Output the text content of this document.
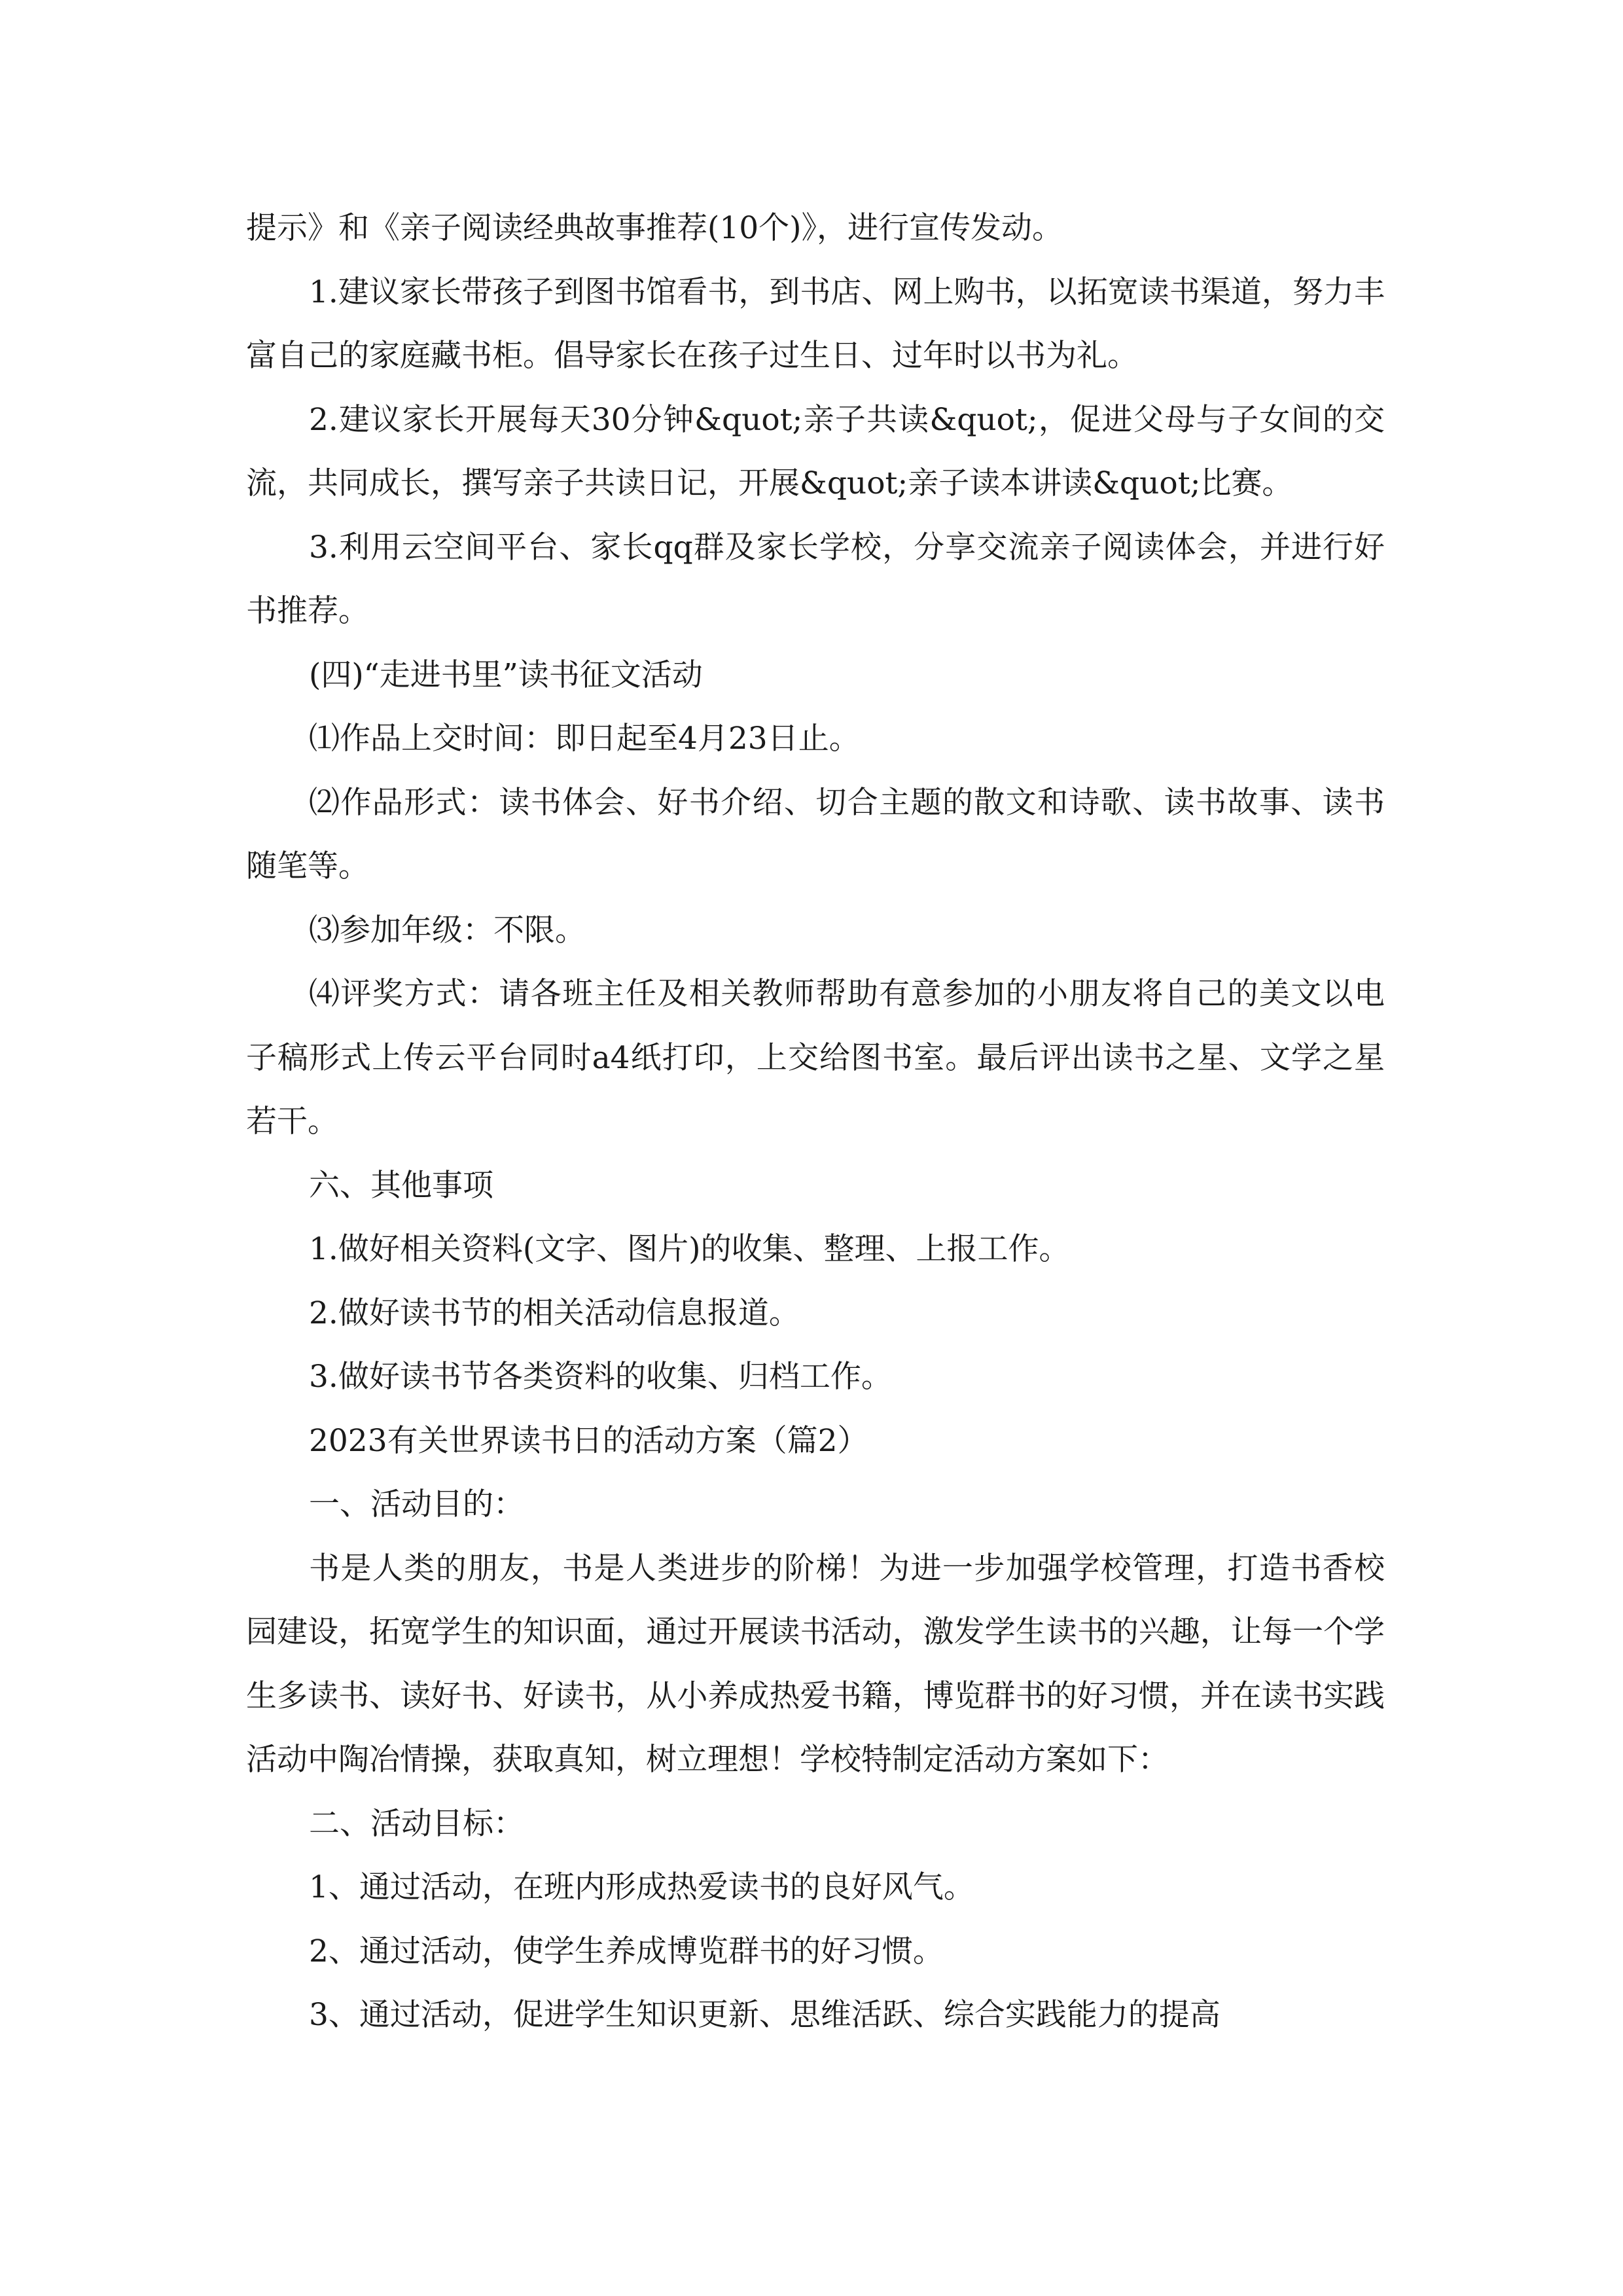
提示》和《亲子阅读经典故事推荐(10个)》，进行宣传发动。

1.建议家长带孩子到图书馆看书，到书店、网上购书，以拓宽读书渠道，努力丰富自己的家庭藏书柜。倡导家长在孩子过生日、过年时以书为礼。

2.建议家长开展每天30分钟&quot;亲子共读&quot;，促进父母与子女间的交流，共同成长，撰写亲子共读日记，开展&quot;亲子读本讲读&quot;比赛。

3.利用云空间平台、家长qq群及家长学校，分享交流亲子阅读体会，并进行好书推荐。

(四)“走进书里”读书征文活动

⑴作品上交时间：即日起至4月23日止。

⑵作品形式：读书体会、好书介绍、切合主题的散文和诗歌、读书故事、读书随笔等。

⑶参加年级：不限。

⑷评奖方式：请各班主任及相关教师帮助有意参加的小朋友将自己的美文以电子稿形式上传云平台同时a4纸打印，上交给图书室。最后评出读书之星、文学之星若干。

六、其他事项

1.做好相关资料(文字、图片)的收集、整理、上报工作。

2.做好读书节的相关活动信息报道。

3.做好读书节各类资料的收集、归档工作。

2023有关世界读书日的活动方案（篇2）

一、活动目的：

书是人类的朋友，书是人类进步的阶梯！为进一步加强学校管理，打造书香校园建设，拓宽学生的知识面，通过开展读书活动，激发学生读书的兴趣，让每一个学生多读书、读好书、好读书，从小养成热爱书籍，博览群书的好习惯，并在读书实践活动中陶冶情操，获取真知，树立理想！学校特制定活动方案如下：

二、活动目标：

1、通过活动，在班内形成热爱读书的良好风气。

2、通过活动，使学生养成博览群书的好习惯。

3、通过活动，促进学生知识更新、思维活跃、综合实践能力的提高
